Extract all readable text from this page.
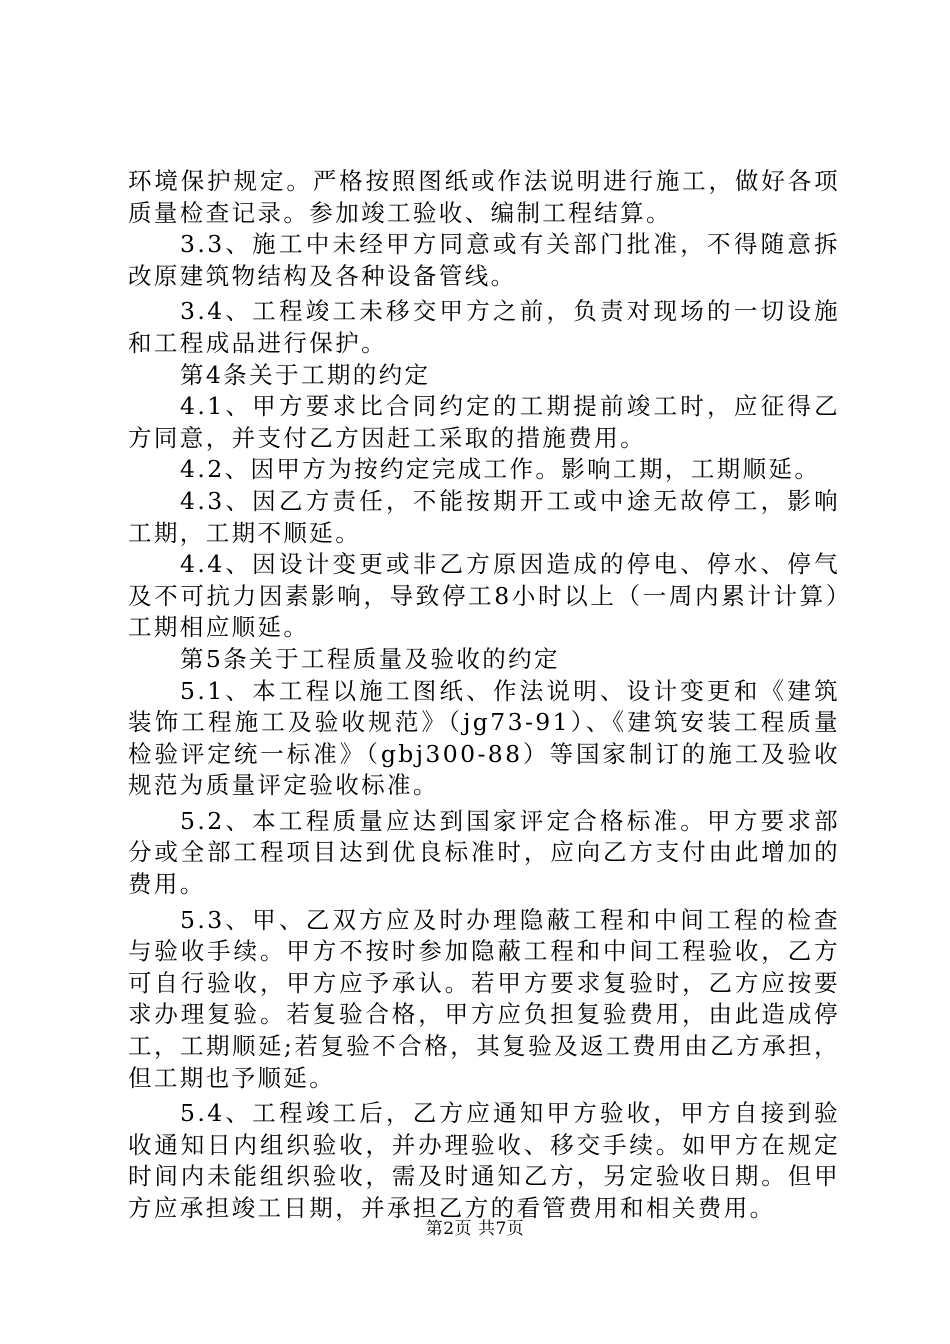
环境保护规定。严格按照图纸或作法说明进行施工，做好各项质量检查记录。参加竣工验收、编制工程结算。

3.3、施工中未经甲方同意或有关部门批准，不得随意拆改原建筑物结构及各种设备管线。

3.4、工程竣工未移交甲方之前，负责对现场的一切设施和工程成品进行保护。

第4条关于工期的约定

4.1、甲方要求比合同约定的工期提前竣工时，应征得乙方同意，并支付乙方因赶工采取的措施费用。

4.2、因甲方为按约定完成工作。影响工期，工期顺延。

4.3、因乙方责任，不能按期开工或中途无故停工，影响工期，工期不顺延。

4.4、因设计变更或非乙方原因造成的停电、停水、停气及不可抗力因素影响，导致停工8小时以上（一周内累计计算）工期相应顺延。

第5条关于工程质量及验收的约定

5.1、本工程以施工图纸、作法说明、设计变更和《建筑装饰工程施工及验收规范》（jg73-91）、《建筑安装工程质量检验评定统一标准》（gbj300-88）等国家制订的施工及验收规范为质量评定验收标准。

5.2、本工程质量应达到国家评定合格标准。甲方要求部分或全部工程项目达到优良标准时，应向乙方支付由此增加的费用。

5.3、甲、乙双方应及时办理隐蔽工程和中间工程的检查与验收手续。甲方不按时参加隐蔽工程和中间工程验收，乙方可自行验收，甲方应予承认。若甲方要求复验时，乙方应按要求办理复验。若复验合格，甲方应负担复验费用，由此造成停工，工期顺延;若复验不合格，其复验及返工费用由乙方承担，但工期也予顺延。

5.4、工程竣工后，乙方应通知甲方验收，甲方自接到验收通知日内组织验收，并办理验收、移交手续。如甲方在规定时间内未能组织验收，需及时通知乙方，另定验收日期。但甲方应承担竣工日期，并承担乙方的看管费用和相关费用。

第2页 共7页
